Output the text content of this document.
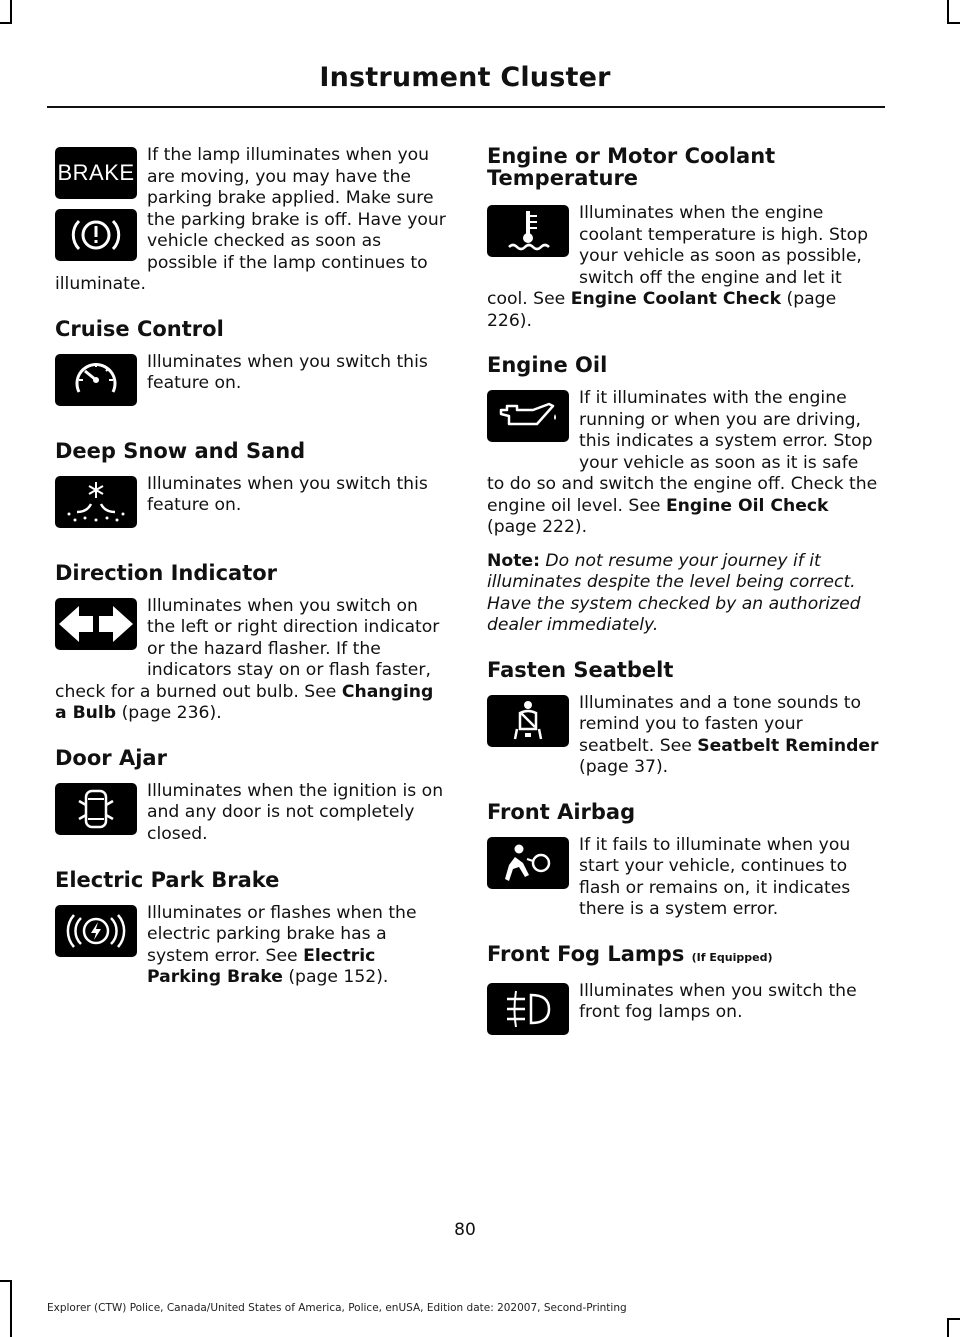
Instrument Cluster
BRAKE

If the lamp illuminates when you are moving, you may have the parking brake applied. Make sure the parking brake is off. Have your vehicle checked as soon as possible if the lamp continues to illuminate.

Cruise Control

Illuminates when you switch this feature on.

Deep Snow and Sand

Illuminates when you switch this feature on.

Direction Indicator

Illuminates when you switch on the left or right direction indicator or the hazard flasher. If the indicators stay on or flash faster, check for a burned out bulb. See Changing a Bulb (page 236).

Door Ajar

Illuminates when the ignition is on and any door is not completely closed.

Electric Park Brake

Illuminates or flashes when the electric parking brake has a system error. See Electric Parking Brake (page 152).

Engine or Motor Coolant Temperature

Illuminates when the engine coolant temperature is high. Stop your vehicle as soon as possible, switch off the engine and let it cool. See Engine Coolant Check (page 226).

Engine Oil

If it illuminates with the engine running or when you are driving, this indicates a system error. Stop your vehicle as soon as it is safe to do so and switch the engine off. Check the engine oil level. See Engine Oil Check (page 222).

Note: Do not resume your journey if it illuminates despite the level being correct. Have the system checked by an authorized dealer immediately.

Fasten Seatbelt

Illuminates and a tone sounds to remind you to fasten your seatbelt. See Seatbelt Reminder (page 37).

Front Airbag

If it fails to illuminate when you start your vehicle, continues to flash or remains on, it indicates there is a system error.

Front Fog Lamps (If Equipped)

Illuminates when you switch the front fog lamps on.

80
Explorer (CTW) Police, Canada/United States of America, Police, enUSA, Edition date: 202007, Second-Printing
